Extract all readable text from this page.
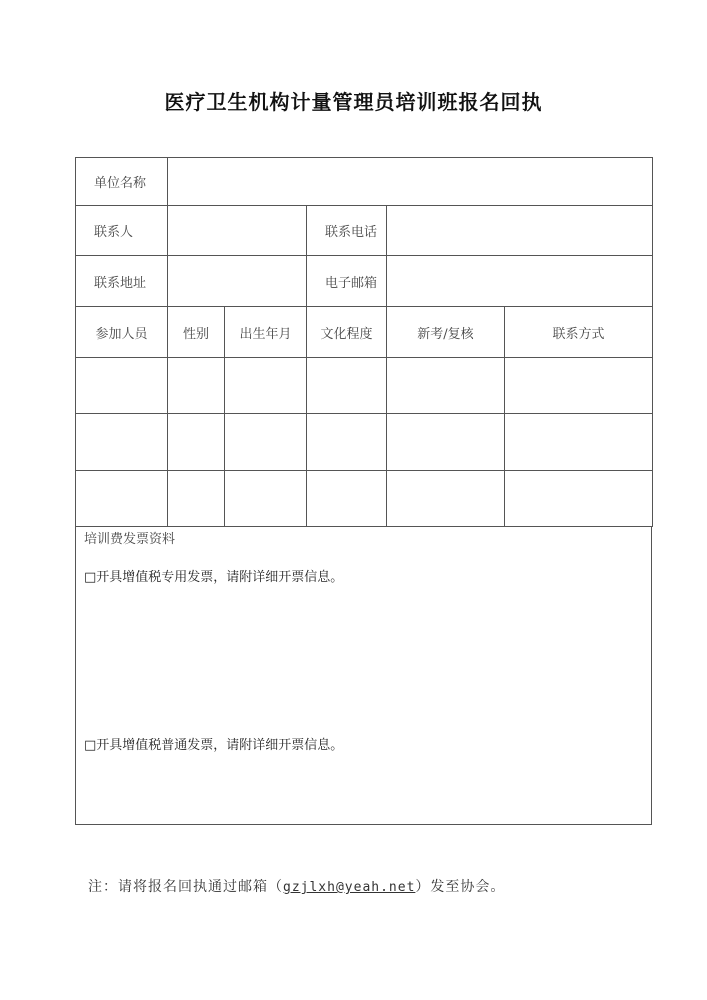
医疗卫生机构计量管理员培训班报名回执
单位名称					
联系人			联系电话		
联系地址			电子邮箱		
参加人员	性别	出生年月	文化程度	新考/复核	联系方式

培训费发票资料
□开具增值税专用发票，请附详细开票信息。
□开具增值税普通发票，请附详细开票信息。
注：请将报名回执通过邮箱（gzjlxh@yeah.net）发至协会。
